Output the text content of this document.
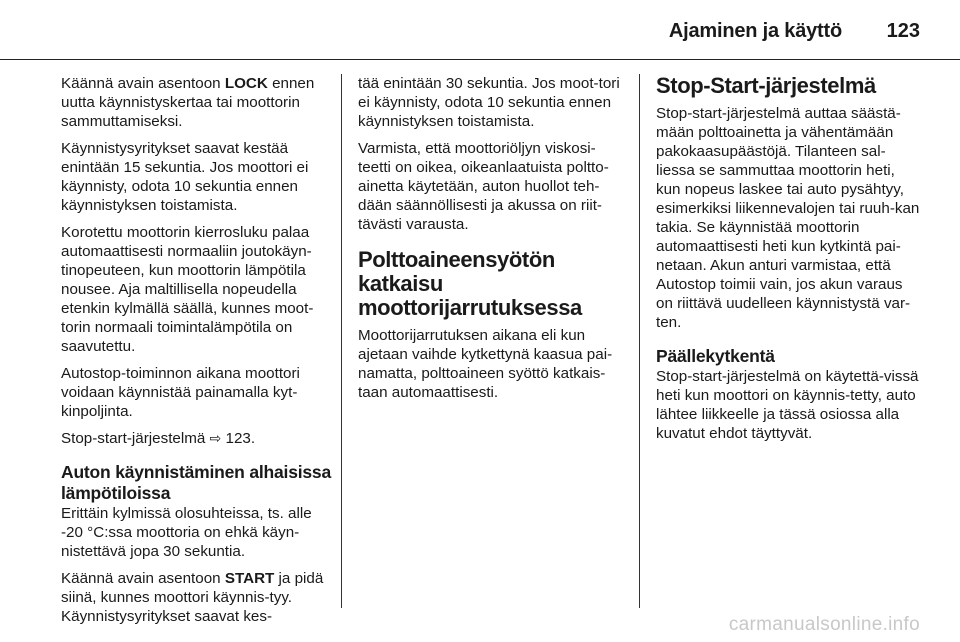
Ajaminen ja käyttö 123

Käännä avain asentoon LOCK ennen uutta käynnistyskertaa tai moottorin sammuttamiseksi.

Käynnistysyritykset saavat kestää enintään 15 sekuntia. Jos moottori ei käynnisty, odota 10 sekuntia ennen käynnistyksen toistamista.

Korotettu moottorin kierrosluku palaa automaattisesti normaaliin joutokäyn-tinopeuteen, kun moottorin lämpötila nousee. Aja maltillisella nopeudella etenkin kylmällä säällä, kunnes moot-torin normaali toimintalämpötila on saavutettu.

Autostop-toiminnon aikana moottori voidaan käynnistää painamalla kyt-kinpoljinta.

Stop-start-järjestelmä ⇨ 123.

Auton käynnistäminen alhaisissa lämpötiloissa

Erittäin kylmissä olosuhteissa, ts. alle -20 °C:ssa moottoria on ehkä käyn-nistettävä jopa 30 sekuntia.

Käännä avain asentoon START ja pidä siinä, kunnes moottori käynnis-tyy. Käynnistysyritykset saavat kes-

tää enintään 30 sekuntia. Jos moot-tori ei käynnisty, odota 10 sekuntia ennen käynnistyksen toistamista.

Varmista, että moottoriöljyn viskosi-teetti on oikea, oikeanlaatuista poltto-ainetta käytetään, auton huollot teh-dään säännöllisesti ja akussa on riit-tävästi varausta.

Polttoaineensyötön katkaisu moottorijarrutuksessa

Moottorijarrutuksen aikana eli kun ajetaan vaihde kytkettynä kaasua pai-namatta, polttoaineen syöttö katkais-taan automaattisesti.

Stop-Start-järjestelmä

Stop-start-järjestelmä auttaa säästä-mään polttoainetta ja vähentämään pakokaasupäästöjä. Tilanteen sal-liessa se sammuttaa moottorin heti, kun nopeus laskee tai auto pysähtyy, esimerkiksi liikennevalojen tai ruuh-kan takia. Se käynnistää moottorin automaattisesti heti kun kytkintä pai-netaan. Akun anturi varmistaa, että Autostop toimii vain, jos akun varaus on riittävä uudelleen käynnistystä var-ten.

Päällekytkentä

Stop-start-järjestelmä on käytettä-vissä heti kun moottori on käynnis-tetty, auto lähtee liikkeelle ja tässä osiossa alla kuvatut ehdot täyttyvät.

carmanualsonline.info
